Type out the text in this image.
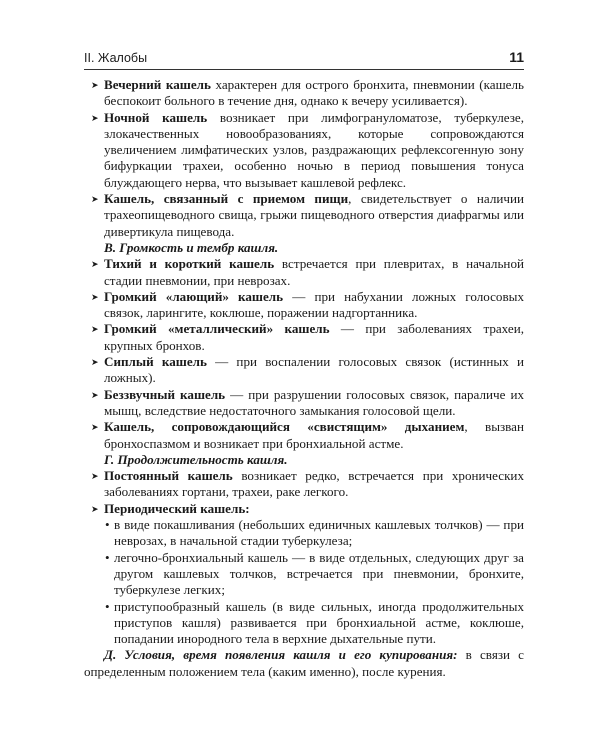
II. Жалобы	11
➤ Вечерний кашель характерен для острого бронхита, пневмонии (кашель беспокоит больного в течение дня, однако к вечеру усиливается).
➤ Ночной кашель возникает при лимфогрануломатозе, туберкулезе, злокачественных новообразованиях, которые сопровождаются увеличением лимфатических узлов, раздражающих рефлексогенную зону бифуркации трахеи, особенно ночью в период повышения тонуса блуждающего нерва, что вызывает кашлевой рефлекс.
➤ Кашель, связанный с приемом пищи, свидетельствует о наличии трахеопищеводного свища, грыжи пищеводного отверстия диафрагмы или дивертикула пищевода.
В. Громкость и тембр кашля.
➤ Тихий и короткий кашель встречается при плевритах, в начальной стадии пневмонии, при неврозах.
➤ Громкий «лающий» кашель — при набухании ложных голосовых связок, ларингите, коклюше, поражении надгортанника.
➤ Громкий «металлический» кашель — при заболеваниях трахеи, крупных бронхов.
➤ Сиплый кашель — при воспалении голосовых связок (истинных и ложных).
➤ Беззвучный кашель — при разрушении голосовых связок, параличе их мышц, вследствие недостаточного замыкания голосовой щели.
➤ Кашель, сопровождающийся «свистящим» дыханием, вызван бронхоспазмом и возникает при бронхиальной астме.
Г. Продолжительность кашля.
➤ Постоянный кашель возникает редко, встречается при хронических заболеваниях гортани, трахеи, раке легкого.
➤ Периодический кашель:
• в виде покашливания (небольших единичных кашлевых толчков) — при неврозах, в начальной стадии туберкулеза;
• легочно-бронхиальный кашель — в виде отдельных, следующих друг за другом кашлевых толчков, встречается при пневмонии, бронхите, туберкулезе легких;
• приступообразный кашель (в виде сильных, иногда продолжительных приступов кашля) развивается при бронхиальной астме, коклюше, попадании инородного тела в верхние дыхательные пути.
Д. Условия, время появления кашля и его купирования: в связи с определенным положением тела (каким именно), после курения.
